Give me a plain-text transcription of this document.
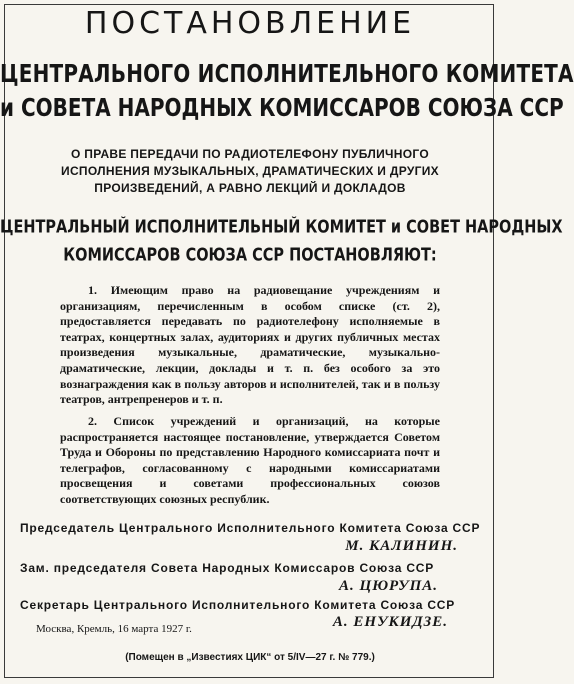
ПОСТАНОВЛЕНИЕ
ЦЕНТРАЛЬНОГО ИСПОЛНИТЕЛЬНОГО КОМИТЕТА
и СОВЕТА НАРОДНЫХ КОМИССАРОВ СОЮЗА ССР
О ПРАВЕ ПЕРЕДАЧИ ПО РАДИОТЕЛЕФОНУ ПУБЛИЧНОГО ИСПОЛНЕНИЯ МУЗЫКАЛЬНЫХ, ДРАМАТИЧЕСКИХ И ДРУГИХ ПРОИЗВЕДЕНИЙ, А РАВНО ЛЕКЦИЙ И ДОКЛАДОВ
ЦЕНТРАЛЬНЫЙ ИСПОЛНИТЕЛЬНЫЙ КОМИТЕТ и СОВЕТ НАРОДНЫХ
КОМИССАРОВ СОЮЗА ССР ПОСТАНОВЛЯЮТ:
1. Имеющим право на радиовещание учреждениям и организациям, перечисленным в особом списке (ст. 2), предоставляется передавать по радиотелефону исполняемые в театрах, концертных залах, аудиториях и других публичных местах произведения музыкальные, драматические, музыкально-драматические, лекции, доклады и т. п. без особого за это вознаграждения как в пользу авторов и исполнителей, так и в пользу театров, антрепренеров и т. п.
2. Список учреждений и организаций, на которые распространяется настоящее постановление, утверждается Советом Труда и Обороны по представлению Народного комиссариата почт и телеграфов, согласованному с народными комиссариатами просвещения и советами профессиональных союзов соответствующих союзных республик.
Председатель Центрального Исполнительного Комитета Союза ССР
М. КАЛИНИН.
Зам. председателя Совета Народных Комиссаров Союза ССР
А. ЦЮРУПА.
Секретарь Центрального Исполнительного Комитета Союза ССР
А. ЕНУКИДЗЕ.
Москва, Кремль, 16 марта 1927 г.
(Помещен в „Известиях ЦИК“ от 5/IV—27 г. № 779.)
